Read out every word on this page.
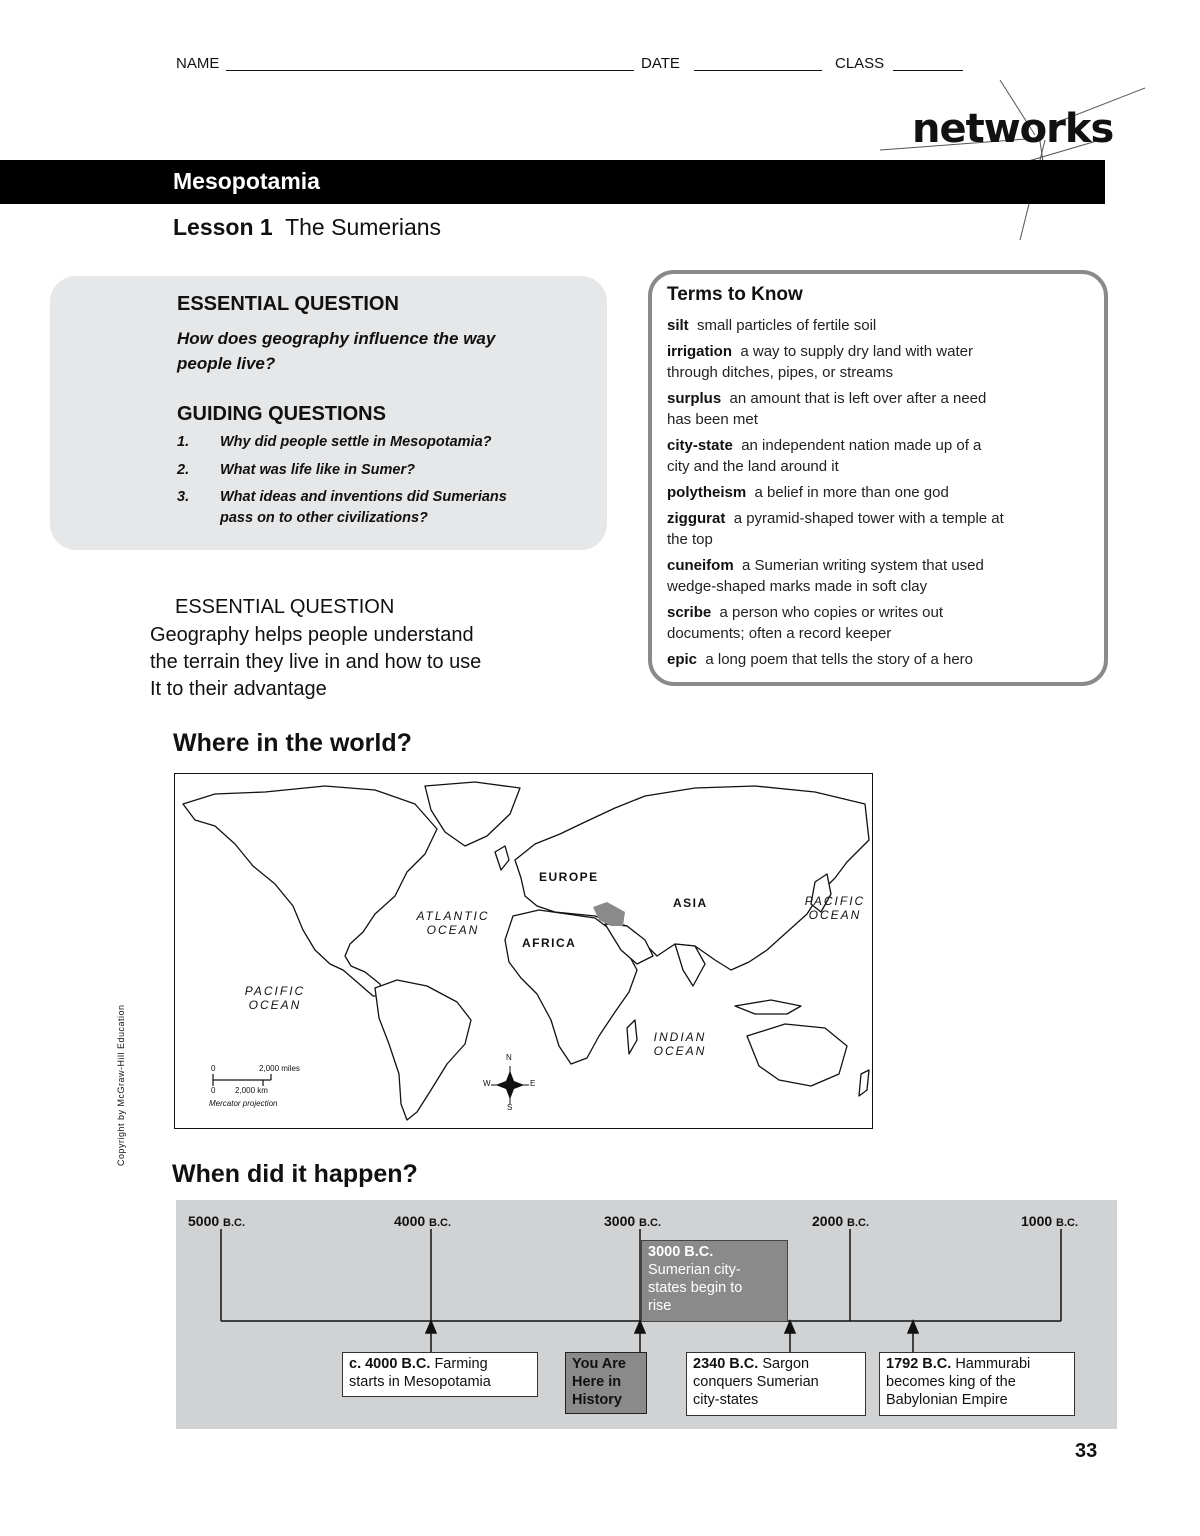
NAME	DATE	CLASS
networks
Mesopotamia
Lesson 1 The Sumerians
ESSENTIAL QUESTION
How does geography influence the way
people live?
GUIDING QUESTIONS
1. Why did people settle in Mesopotamia?
2. What was life like in Sumer?
3. What ideas and inventions did Sumerians
pass on to other civilizations?
ESSENTIAL QUESTION
Geography helps people understand
the terrain they live in and how to use
It to their advantage
Terms to Know
silt small particles of fertile soil
irrigation a way to supply dry land with water
through ditches, pipes, or streams
surplus an amount that is left over after a need
has been met
city-state an independent nation made up of a
city and the land around it
polytheism a belief in more than one god
ziggurat a pyramid-shaped tower with a temple at
the top
cuneifom a Sumerian writing system that used
wedge-shaped marks made in soft clay
scribe a person who copies or writes out
documents; often a record keeper
epic a long poem that tells the story of a hero
Where in the world?
EUROPE
ASIA
AFRICA
ATLANTIC
OCEAN
PACIFIC
OCEAN
PACIFIC
OCEAN
INDIAN
OCEAN
0	2,000 miles
0 2,000 km
Mercator projection
N
S
E
W
When did it happen?
5000 B.C.	4000 B.C.	3000 B.C.	2000 B.C.	1000 B.C.
3000 B.C.
Sumerian city-
states begin to
rise
c. 4000 B.C. Farming
starts in Mesopotamia
You Are
Here in
History
2340 B.C. Sargon
conquers Sumerian
city-states
1792 B.C. Hammurabi
becomes king of the
Babylonian Empire
Copyright by McGraw-Hill Education
33
